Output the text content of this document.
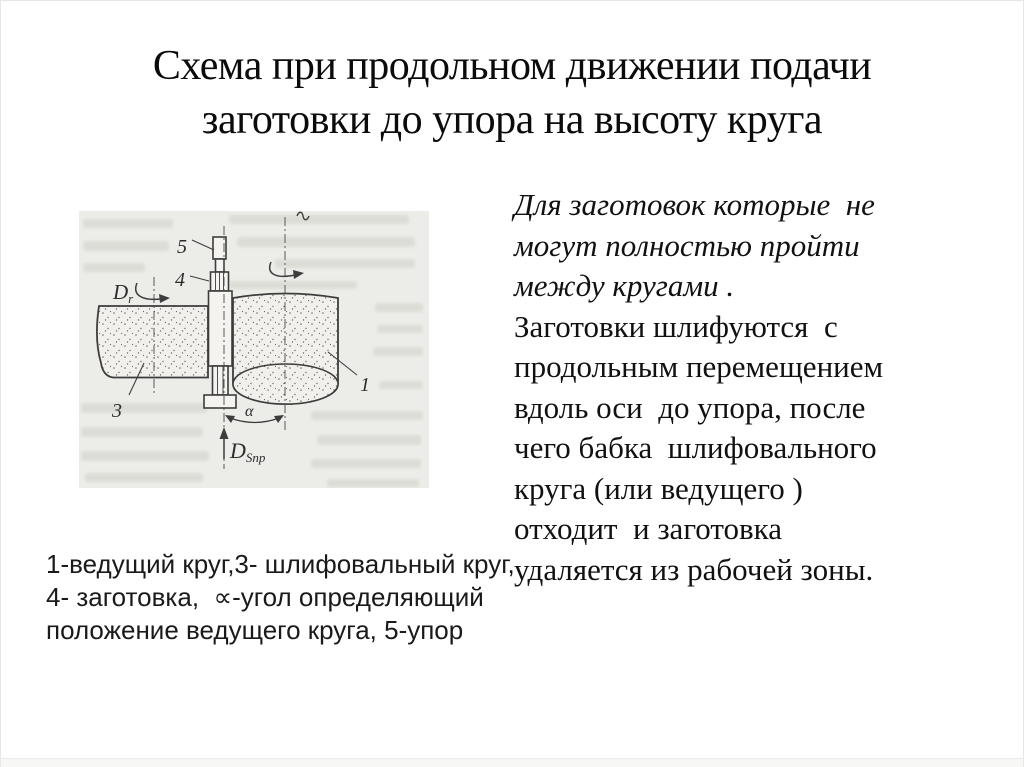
Схема при продольном движении подачи
заготовки до упора на высоту круга
5
4
3
1
Dr
α
DSпр
Для заготовок которые  не
могут полностью пройти
между кругами .
Заготовки шлифуются  с
продольным перемещением
вдоль оси  до упора, после
чего бабка  шлифовального
круга (или ведущего )
отходит  и заготовка
удаляется из рабочей зоны.
1-ведущий круг,3- шлифовальный круг,
4- заготовка,  ∝-угол определяющий
положение ведущего круга, 5-упор
